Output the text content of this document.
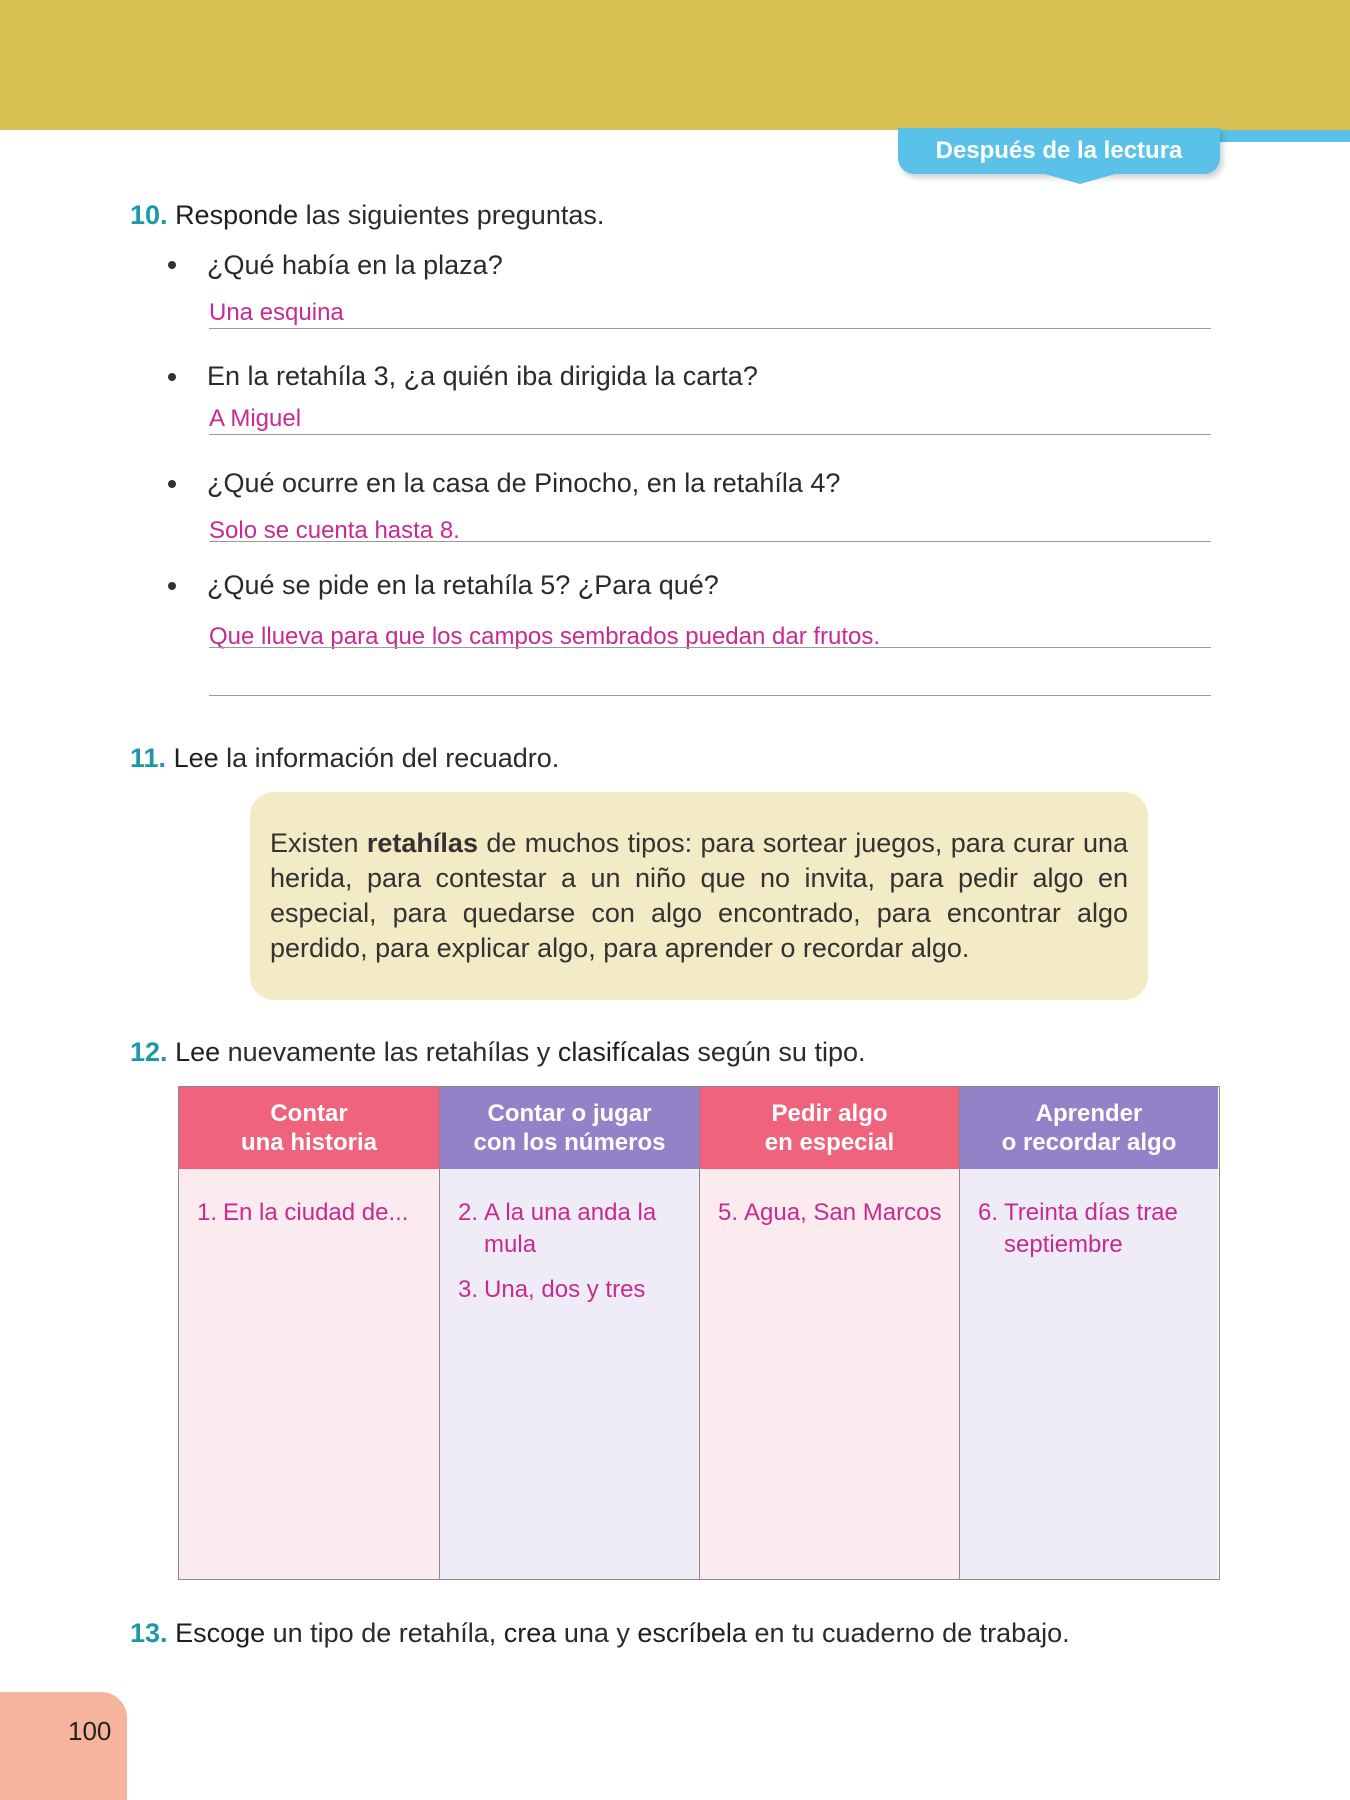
Después de la lectura
10. Responde las siguientes preguntas.
¿Qué había en la plaza?
Una esquina
En la retahíla 3, ¿a quién iba dirigida la carta?
A Miguel
¿Qué ocurre en la casa de Pinocho, en la retahíla 4?
Solo se cuenta hasta 8.
¿Qué se pide en la retahíla 5? ¿Para qué?
Que llueva para que los campos sembrados puedan dar frutos.
11. Lee la información del recuadro.
Existen retahílas de muchos tipos: para sortear juegos, para curar una herida, para contestar a un niño que no invita, para pedir algo en especial, para quedarse con algo encontrado, para encontrar algo perdido, para explicar algo, para aprender o recordar algo.
12. Lee nuevamente las retahílas y clasifícalas según su tipo.
Contar
una historia
1. En la ciudad de...
Contar o jugar
con los números
2. A la una anda la mula
3. Una, dos y tres
Pedir algo
en especial
5. Agua, San Marcos
Aprender
o recordar algo
6. Treinta días trae septiembre
13. Escoge un tipo de retahíla, crea una y escríbela en tu cuaderno de trabajo.
100
